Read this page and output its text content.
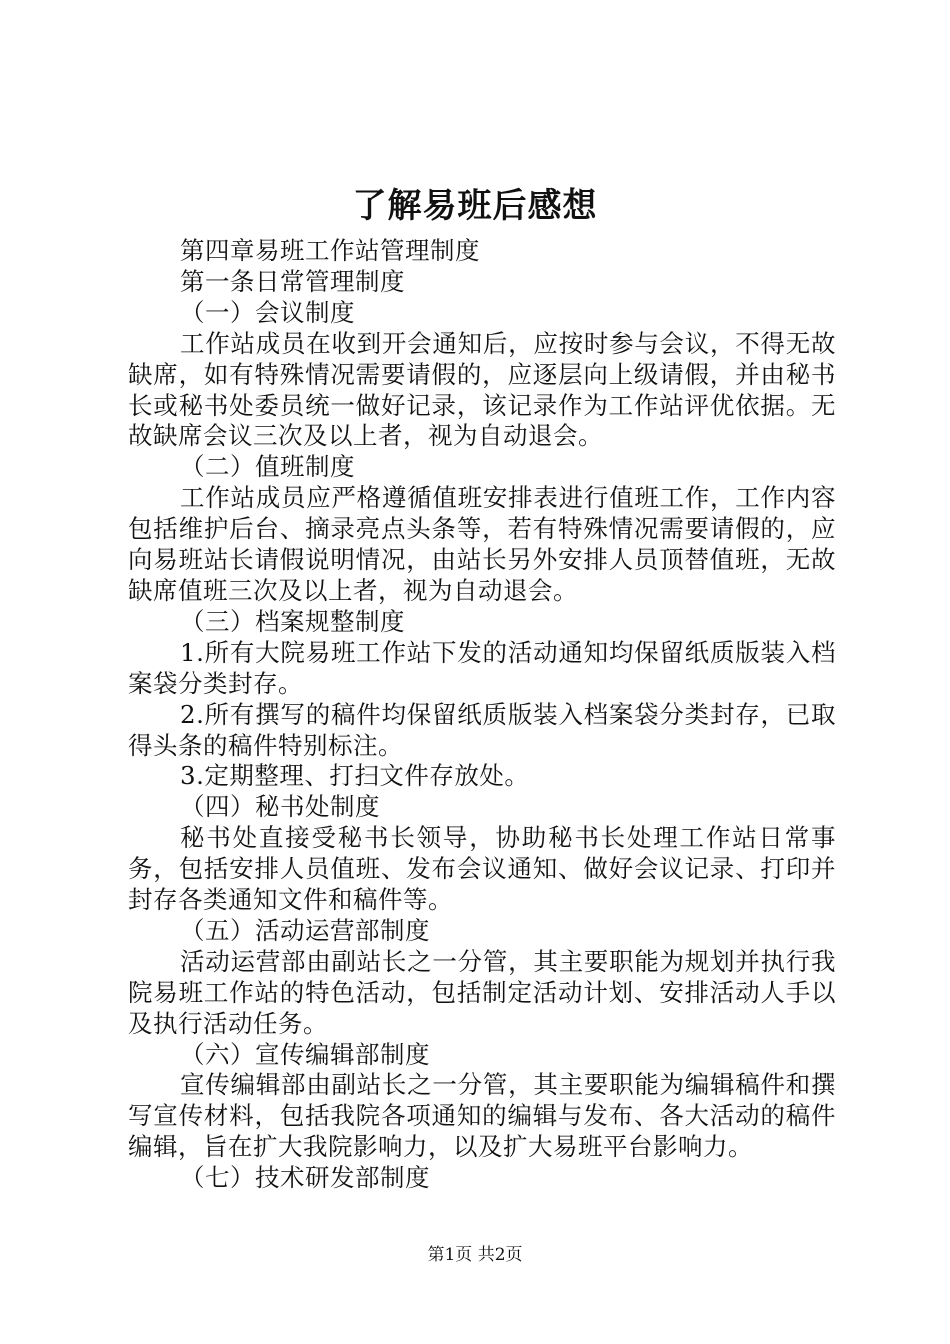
了解易班后感想

第四章易班工作站管理制度

第一条日常管理制度

（一）会议制度

工作站成员在收到开会通知后，应按时参与会议，不得无故缺席，如有特殊情况需要请假的，应逐层向上级请假，并由秘书长或秘书处委员统一做好记录，该记录作为工作站评优依据。无故缺席会议三次及以上者，视为自动退会。

（二）值班制度

工作站成员应严格遵循值班安排表进行值班工作，工作内容包括维护后台、摘录亮点头条等，若有特殊情况需要请假的，应向易班站长请假说明情况，由站长另外安排人员顶替值班，无故缺席值班三次及以上者，视为自动退会。

（三）档案规整制度

1.所有大院易班工作站下发的活动通知均保留纸质版装入档案袋分类封存。

2.所有撰写的稿件均保留纸质版装入档案袋分类封存，已取得头条的稿件特别标注。

3.定期整理、打扫文件存放处。

（四）秘书处制度

秘书处直接受秘书长领导，协助秘书长处理工作站日常事务，包括安排人员值班、发布会议通知、做好会议记录、打印并封存各类通知文件和稿件等。

（五）活动运营部制度

活动运营部由副站长之一分管，其主要职能为规划并执行我院易班工作站的特色活动，包括制定活动计划、安排活动人手以及执行活动任务。

（六）宣传编辑部制度

宣传编辑部由副站长之一分管，其主要职能为编辑稿件和撰写宣传材料，包括我院各项通知的编辑与发布、各大活动的稿件编辑，旨在扩大我院影响力，以及扩大易班平台影响力。

（七）技术研发部制度

第1页 共2页
